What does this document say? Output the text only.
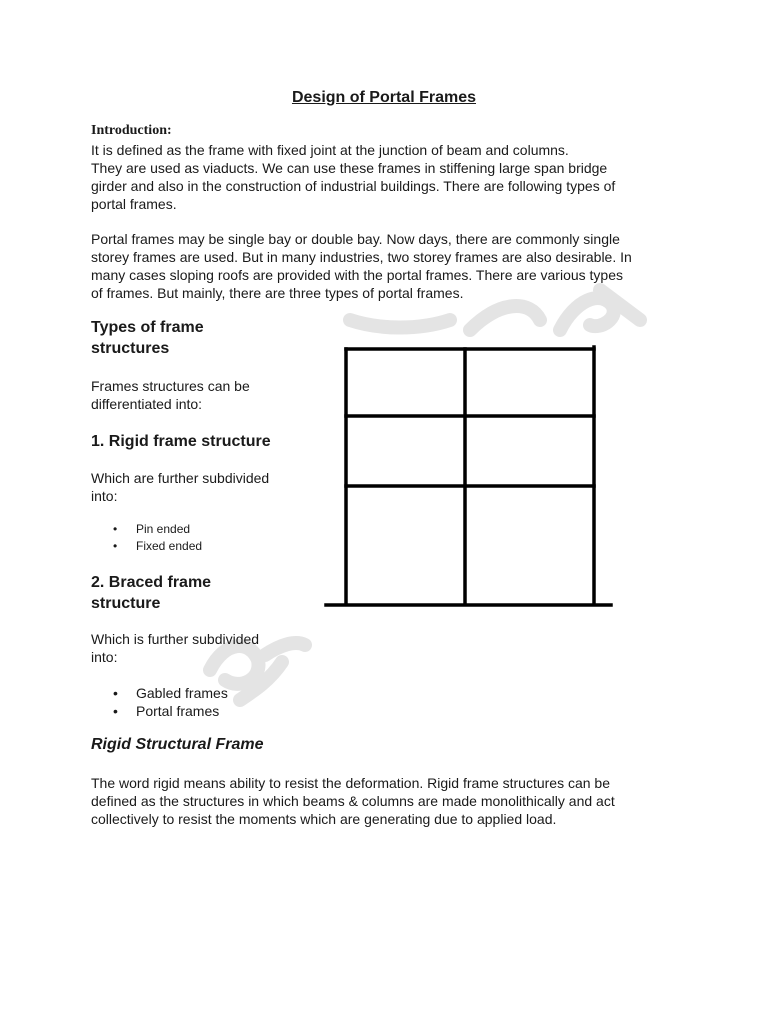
Design of Portal Frames
Introduction:

It is defined as the frame with fixed joint at the junction of beam and columns.
They are used as viaducts. We can use these frames in stiffening large span bridge
girder and also in the construction of industrial buildings. There are following types of
portal frames.

Portal frames may be single bay or double bay. Now days, there are commonly single
storey frames are used. But in many industries, two storey frames are also desirable. In
many cases sloping roofs are provided with the portal frames. There are various types
of frames. But mainly, there are three types of portal frames.

Types of frame
structures

Frames structures can be
differentiated into:

1. Rigid frame structure

Which are further subdivided
into:

• Pin ended
• Fixed ended
2. Braced frame
structure

Which is further subdivided
into:

• Gabled frames
• Portal frames
Rigid Structural Frame

The word rigid means ability to resist the deformation. Rigid frame structures can be
defined as the structures in which beams & columns are made monolithically and act
collectively to resist the moments which are generating due to applied load.
